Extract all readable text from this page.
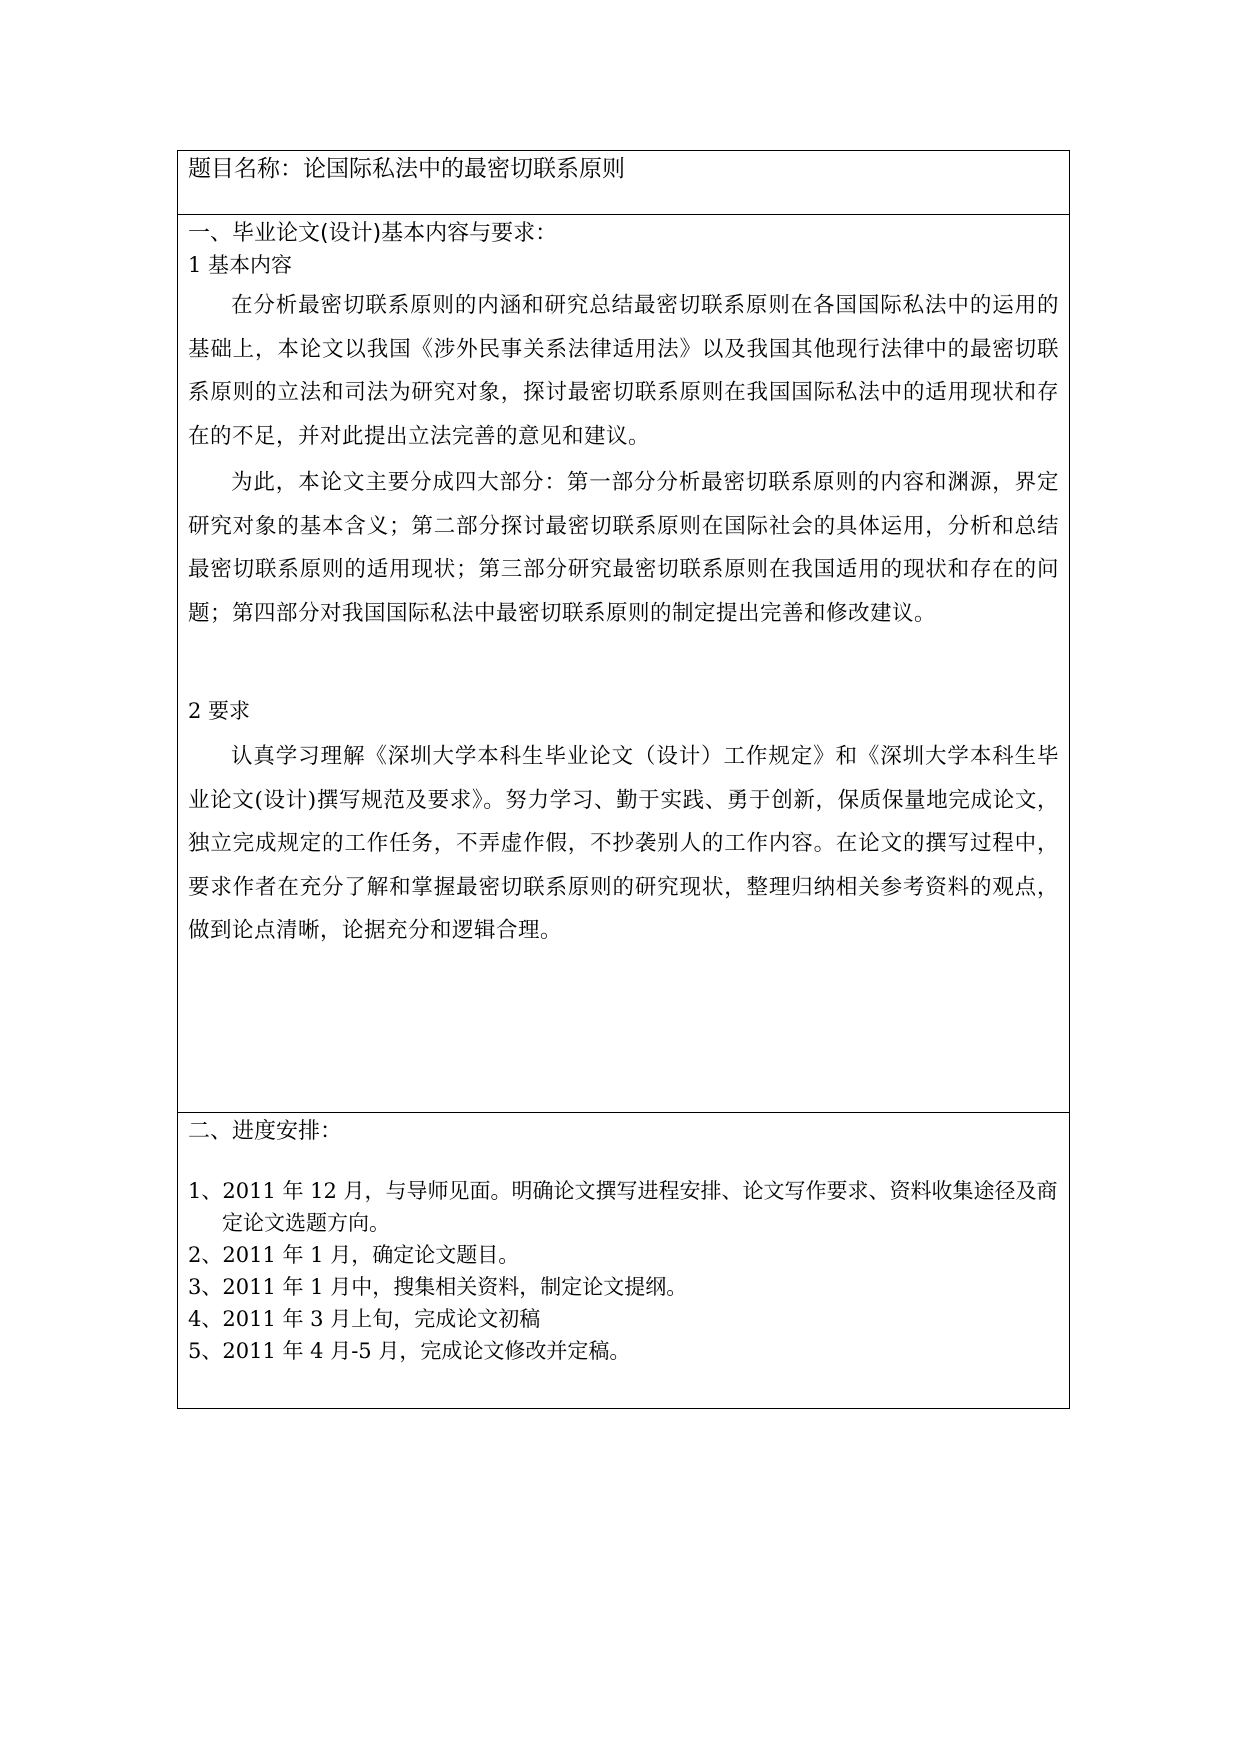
题目名称：论国际私法中的最密切联系原则
一、毕业论文(设计)基本内容与要求：
1 基本内容

在分析最密切联系原则的内涵和研究总结最密切联系原则在各国国际私法中的运用的基础上，本论文以我国《涉外民事关系法律适用法》以及我国其他现行法律中的最密切联系原则的立法和司法为研究对象，探讨最密切联系原则在我国国际私法中的适用现状和存在的不足，并对此提出立法完善的意见和建议。

为此，本论文主要分成四大部分：第一部分分析最密切联系原则的内容和渊源，界定研究对象的基本含义；第二部分探讨最密切联系原则在国际社会的具体运用，分析和总结最密切联系原则的适用现状；第三部分研究最密切联系原则在我国适用的现状和存在的问题；第四部分对我国国际私法中最密切联系原则的制定提出完善和修改建议。

2 要求

认真学习理解《深圳大学本科生毕业论文（设计）工作规定》和《深圳大学本科生毕业论文(设计)撰写规范及要求》。努力学习、勤于实践、勇于创新，保质保量地完成论文，独立完成规定的工作任务，不弄虚作假，不抄袭别人的工作内容。在论文的撰写过程中，要求作者在充分了解和掌握最密切联系原则的研究现状，整理归纳相关参考资料的观点，做到论点清晰，论据充分和逻辑合理。

二、进度安排：
1、2011 年 12 月，与导师见面。明确论文撰写进程安排、论文写作要求、资料收集途径及商定论文选题方向。
2、2011 年 1 月，确定论文题目。
3、2011 年 1 月中，搜集相关资料，制定论文提纲。
4、2011 年 3 月上旬，完成论文初稿
5、2011 年 4 月-5 月，完成论文修改并定稿。
